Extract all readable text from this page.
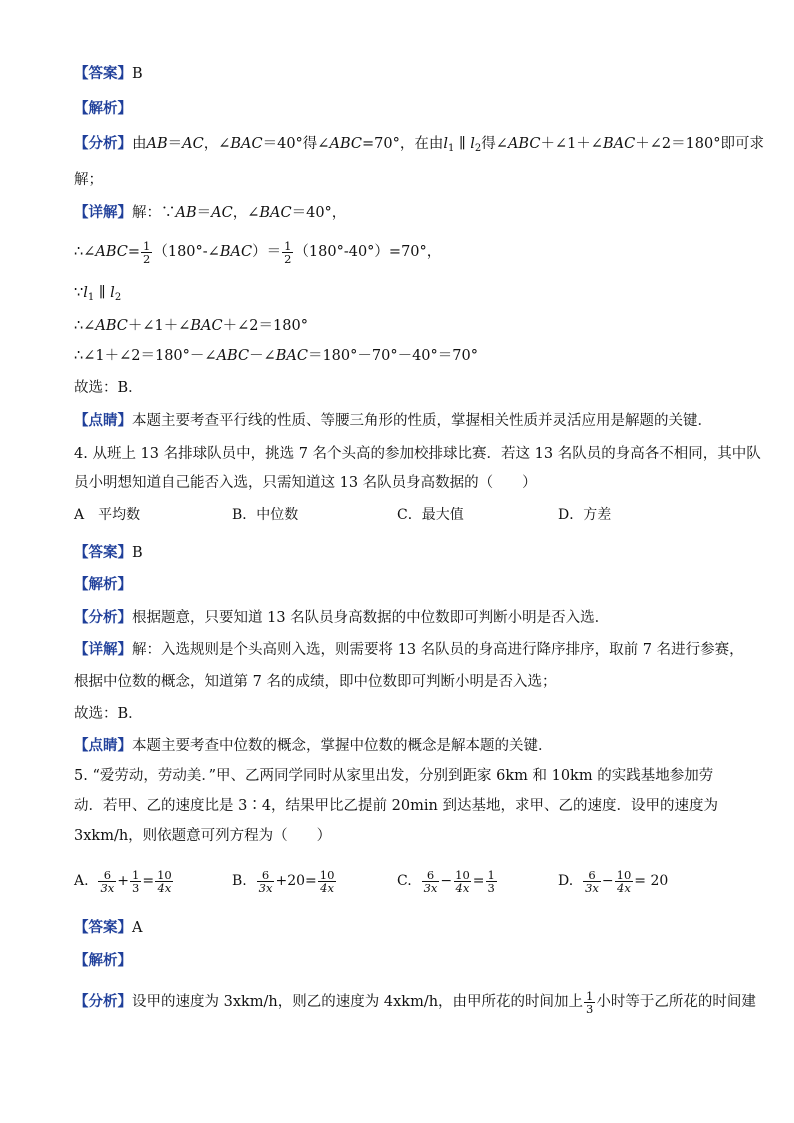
【答案】B
【解析】
【分析】由AB＝AC，∠BAC＝40°得∠ABC=70°，在由$l_1$ ∥ $l_2$得∠ABC＋∠1＋∠BAC＋∠2＝180°即可求
解；
【详解】解：∵AB＝AC，∠BAC＝40°，
∴∠ABC= $\frac{1}{2}$ （180°-∠BAC）＝ $\frac{1}{2} (180^\circ-40^\circ)=70^\circ$，
$\because l_1$ ∥ $l_2$
∴∠ABC＋∠1＋∠BAC＋∠2＝180°
∴∠1＋∠2＝180°－∠ABC－∠BAC＝180°－70°－40°＝70°
故选：B．
【点睛】本题主要考查平行线的性质、等腰三角形的性质，掌握相关性质并灵活应用是解题的关键．
4. 从班上 13 名排球队员中，挑选 7 名个头高的参加校排球比赛．若这 13 名队员的身高各不相同，其中队
员小明想知道自己能否入选，只需知道这 13 名队员身高数据的（　　）
A　平均数	B．中位数	C．最大值	D．方差
【答案】B
【解析】
【分析】根据题意，只要知道 13 名队员身高数据的中位数即可判断小明是否入选．
【详解】解：入选规则是个头高则入选，则需要将 13 名队员的身高进行降序排序，取前 7 名进行参赛，
根据中位数的概念，知道第 7 名的成绩，即中位数即可判断小明是否入选；
故选：B．
【点睛】本题主要考查中位数的概念，掌握中位数的概念是解本题的关键．
5. “爱劳动，劳动美．”甲、乙两同学同时从家里出发，分别到距家 6km 和 10km 的实践基地参加劳
动．若甲、乙的速度比是 3∶4，结果甲比乙提前 20min 到达基地，求甲、乙的速度．设甲的速度为
3xkm/h，则依题意可列方程为（　　）
A. $\frac{6}{3x} + \frac{1}{3} = \frac{10}{4x}$	B. $\frac{6}{3x} +20= \frac{10}{4x}$	C. $\frac{6}{3x} - \frac{10}{4x} = \frac{1}{3}$	D. $\frac{6}{3x} - \frac{10}{4x} = 20$
【答案】A
【解析】
【分析】设甲的速度为 3xkm/h，则乙的速度为 4xkm/h，由甲所花的时间加上 $\frac{1}{3}$ 小时等于乙所花的时间建
